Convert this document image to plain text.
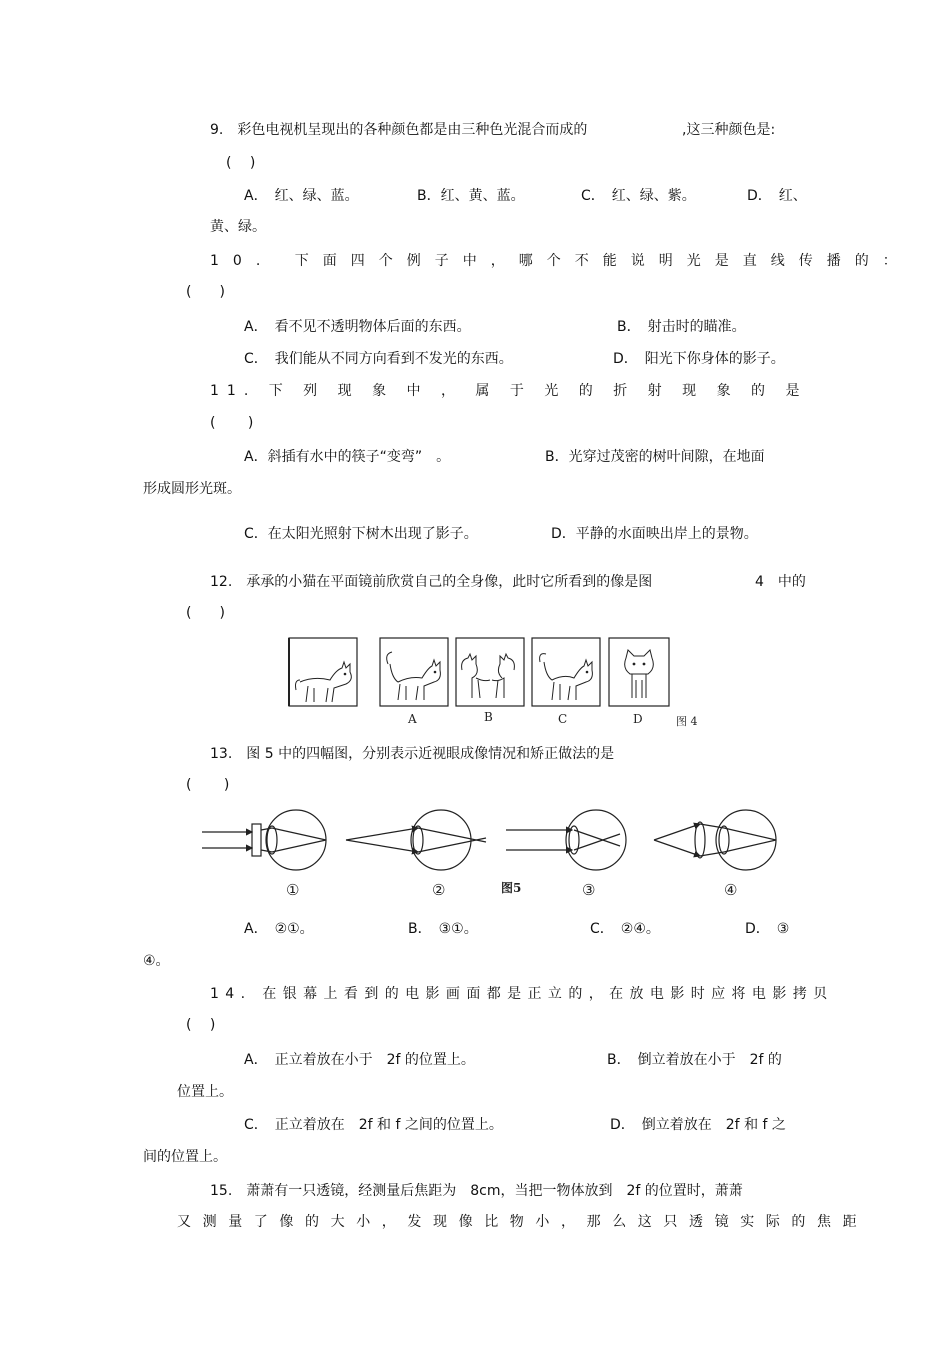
9.　彩色电视机呈现出的各种颜色都是由三种色光混合而成的	,这三种颜色是:
(　 )
A．　红、绿、蓝。	B．红、黄、蓝。	C．　红、绿、紫。	D．　红、
黄、绿。
10. 下面四个例子中，哪个不能说明光是直线传播的：
(　　)
A．　看不见不透明物体后面的东西。	B．　射击时的瞄准。
C．　我们能从不同方向看到不发光的东西。	D．　阳光下你身体的影子。
11. 下 列 现 象 中 ， 属 于 光 的 折 射 现 象 的 是
(　　 )
A．斜插有水中的筷子“变弯”　。	B．光穿过茂密的树叶间隙，在地面
形成圆形光斑。
C．在太阳光照射下树木出现了影子。	D．平静的水面映出岸上的景物。
12.　承承的小猫在平面镜前欣赏自己的全身像，此时它所看到的像是图	4　中的
(　　)
A	B	C	D	图 4
13.　图 5 中的四幅图，分别表示近视眼成像情况和矫正做法的是
(　　 )
①	②	图5	③	④
A．　②①。	B．　③①。	C．　②④。	D．　③
④。
14. 在银幕上看到的电影画面都是正立的，在放电影时应将电影拷贝
(　 )
A．　正立着放在小于　2f 的位置上。	B．　倒立着放在小于　2f 的
位置上。
C．　正立着放在　2f 和 f 之间的位置上。	D．　倒立着放在　2f 和 f 之
间的位置上。
15.　萧萧有一只透镜，经测量后焦距为　8cm，当把一物体放到　2f 的位置时，萧萧
又测量了像的大小，发现像比物小，那么这只透镜实际的焦距
